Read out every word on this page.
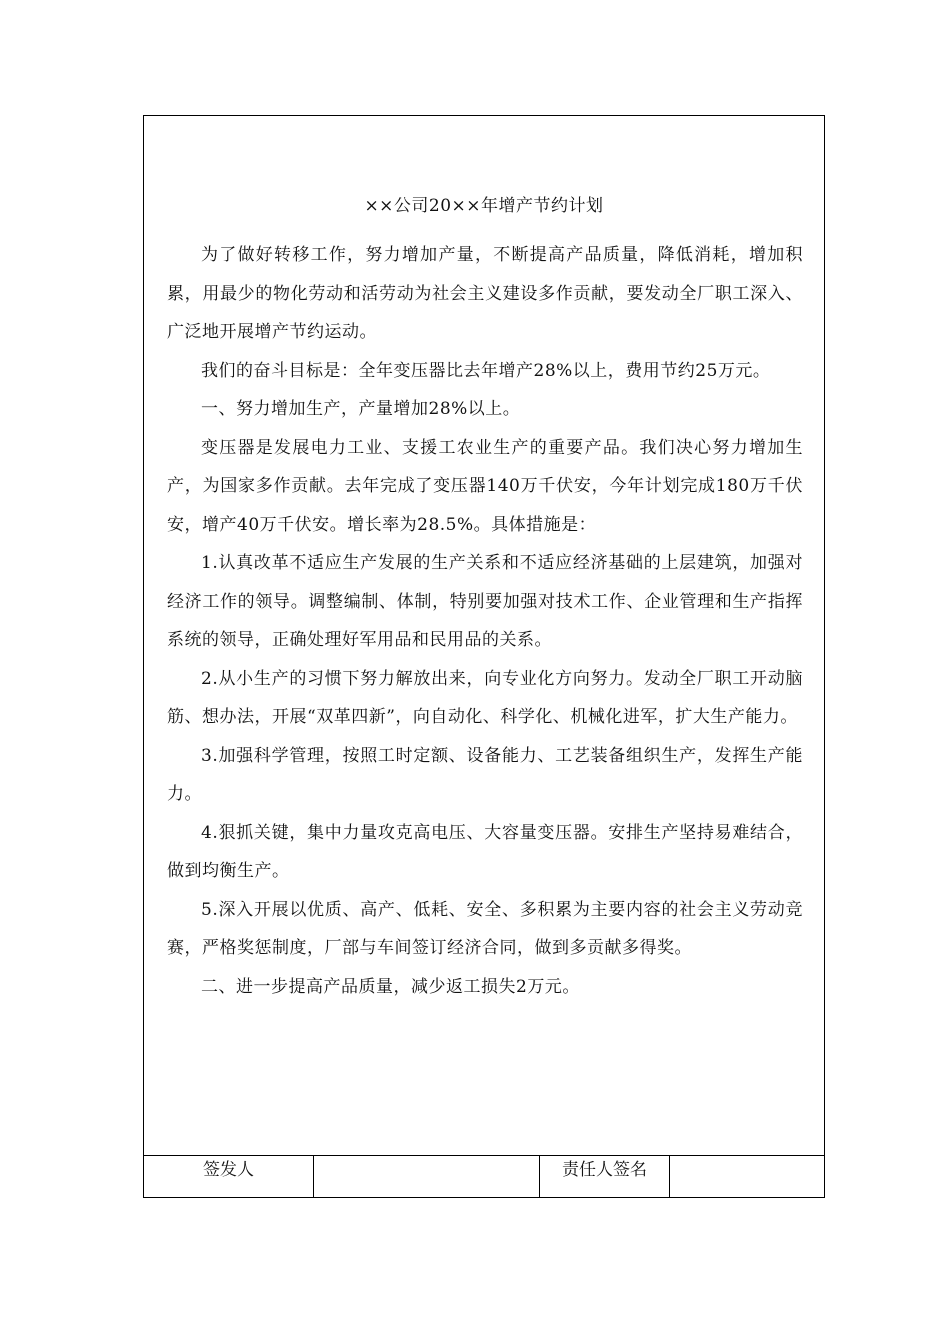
××公司20××年增产节约计划

为了做好转移工作，努力增加产量，不断提高产品质量，降低消耗，增加积累，用最少的物化劳动和活劳动为社会主义建设多作贡献，要发动全厂职工深入、广泛地开展增产节约运动。

我们的奋斗目标是：全年变压器比去年增产28%以上，费用节约25万元。

一、努力增加生产，产量增加28%以上。

变压器是发展电力工业、支援工农业生产的重要产品。我们决心努力增加生产，为国家多作贡献。去年完成了变压器140万千伏安，今年计划完成180万千伏安，增产40万千伏安。增长率为28.5%。具体措施是：

1.认真改革不适应生产发展的生产关系和不适应经济基础的上层建筑，加强对经济工作的领导。调整编制、体制，特别要加强对技术工作、企业管理和生产指挥系统的领导，正确处理好军用品和民用品的关系。

2.从小生产的习惯下努力解放出来，向专业化方向努力。发动全厂职工开动脑筋、想办法，开展“双革四新”，向自动化、科学化、机械化进军，扩大生产能力。

3.加强科学管理，按照工时定额、设备能力、工艺装备组织生产，发挥生产能力。

4.狠抓关键，集中力量攻克高电压、大容量变压器。安排生产坚持易难结合，做到均衡生产。

5.深入开展以优质、高产、低耗、安全、多积累为主要内容的社会主义劳动竞赛，严格奖惩制度，厂部与车间签订经济合同，做到多贡献多得奖。

二、进一步提高产品质量，减少返工损失2万元。

签发人	责任人签名
